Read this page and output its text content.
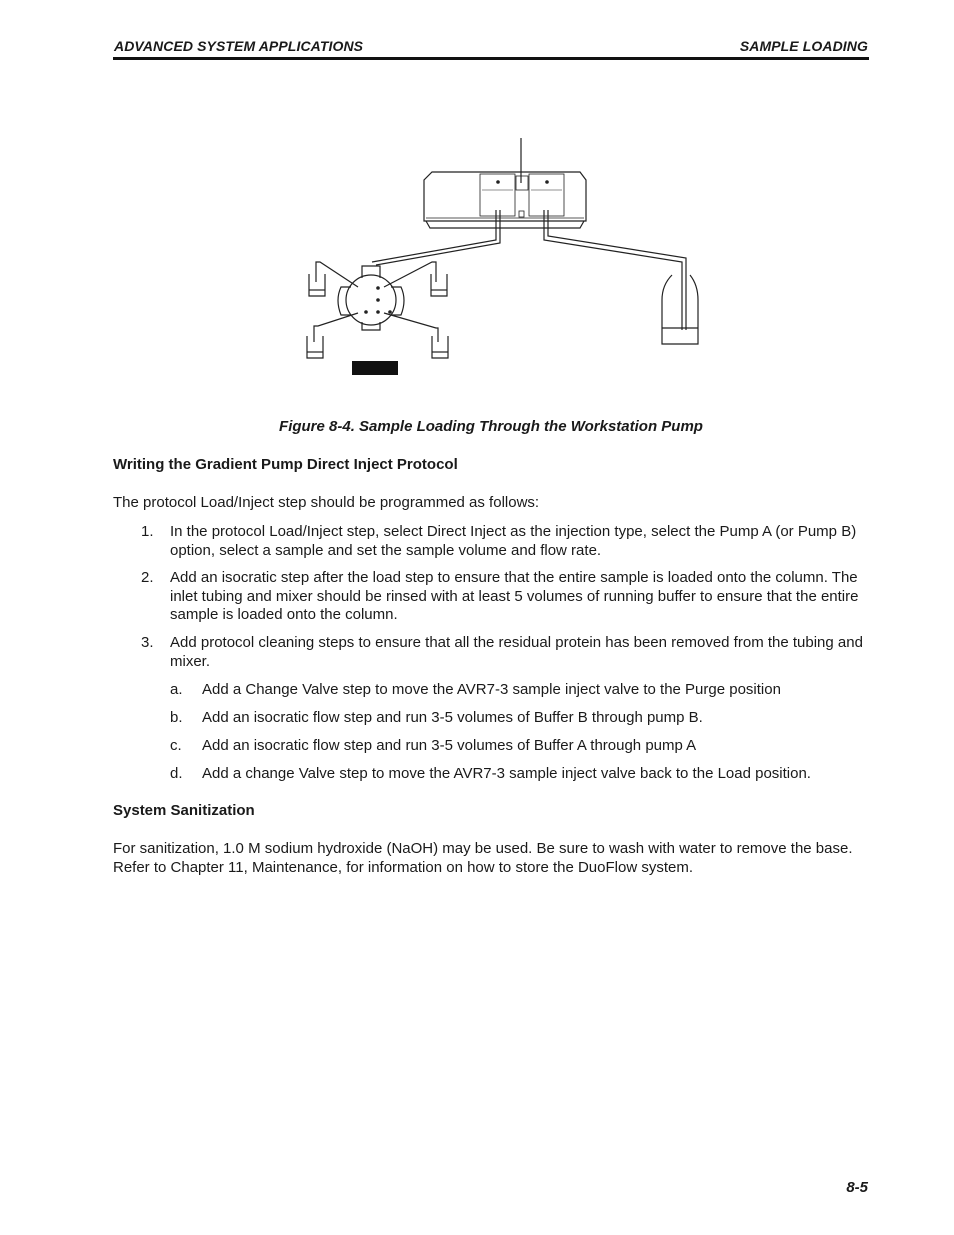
ADVANCED SYSTEM APPLICATIONS	SAMPLE LOADING
Figure 8-4. Sample Loading Through the Workstation Pump
Writing the Gradient Pump Direct Inject Protocol
The protocol Load/Inject step should be programmed as follows:
1. In the protocol Load/Inject step, select Direct Inject as the injection type, select the Pump A (or Pump B) option, select a sample and set the sample volume and flow rate.
2. Add an isocratic step after the load step to ensure that the entire sample is loaded onto the column. The inlet tubing and mixer should be rinsed with at least 5 volumes of running buffer to ensure that the entire sample is loaded onto the column.
3. Add protocol cleaning steps to ensure that all the residual protein has been removed from the tubing and mixer.
a. Add a Change Valve step to move the AVR7-3 sample inject valve to the Purge position
b. Add an isocratic flow step and run 3-5 volumes of Buffer B through pump B.
c. Add an isocratic flow step and run 3-5 volumes of Buffer A through pump A
d. Add a change Valve step to move the AVR7-3 sample inject valve back to the Load position.
System Sanitization
For sanitization, 1.0 M sodium hydroxide (NaOH) may be used. Be sure to wash with water to remove the base. Refer to Chapter 11, Maintenance, for information on how to store the DuoFlow system.
8-5
